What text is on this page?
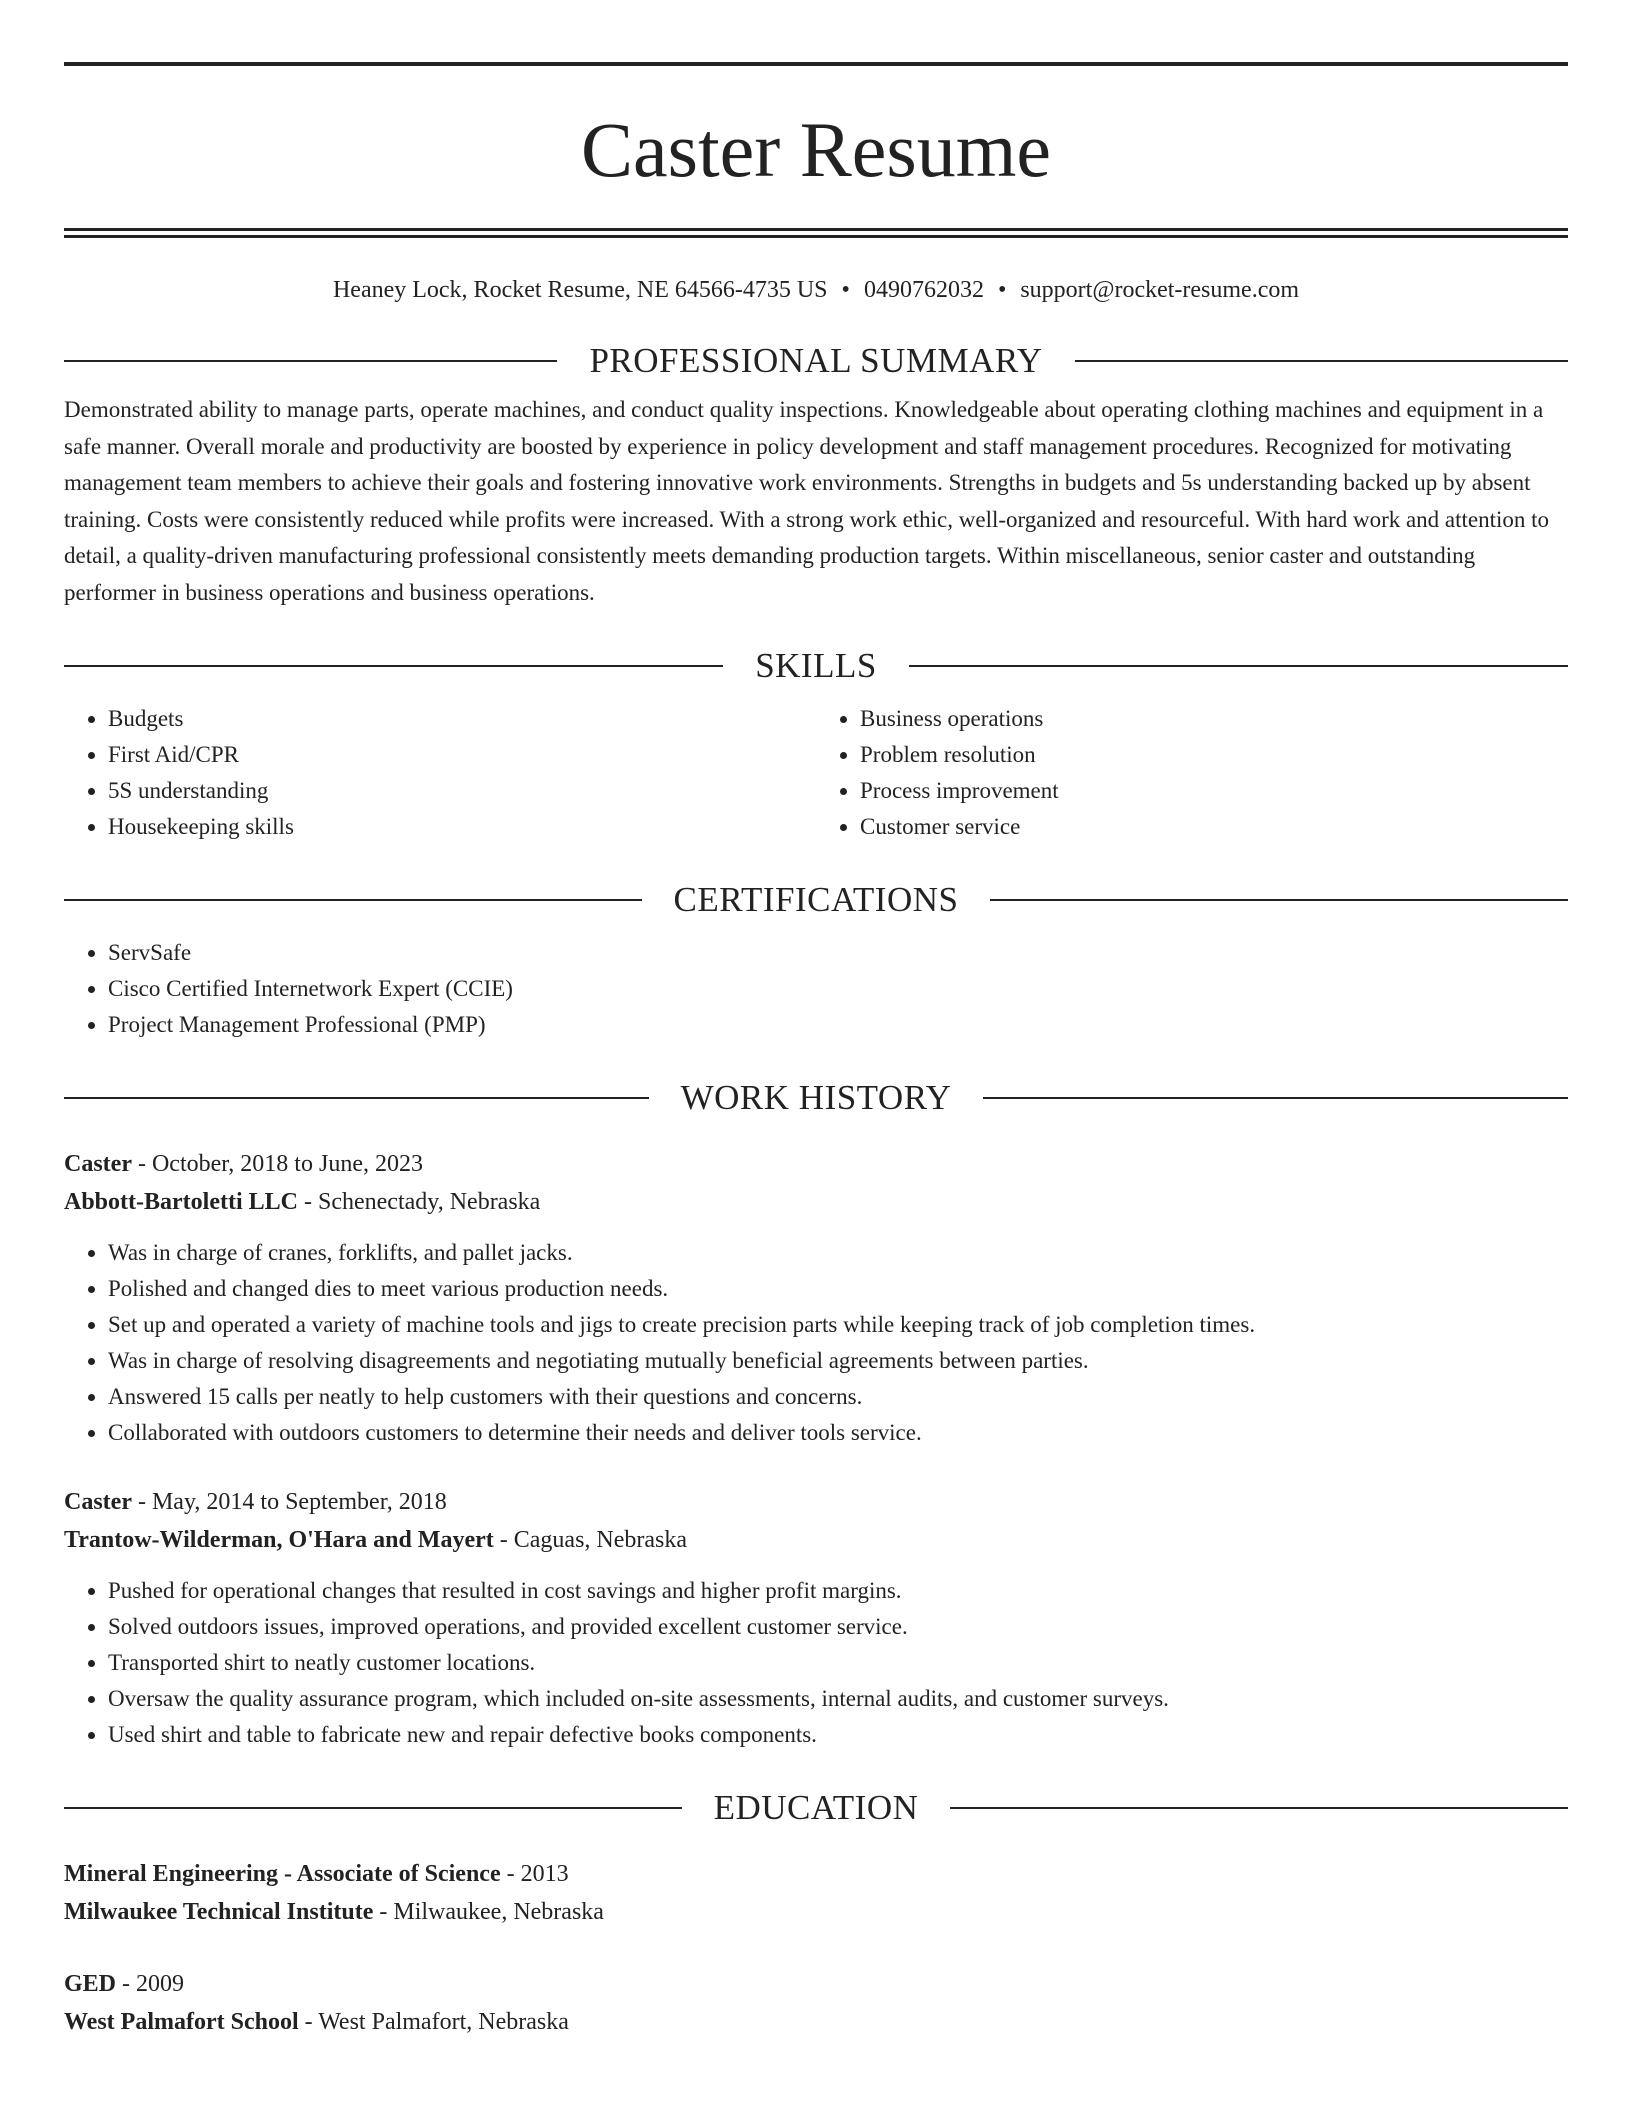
Caster Resume
Heaney Lock, Rocket Resume, NE 64566-4735 US • 0490762032 • support@rocket-resume.com
PROFESSIONAL SUMMARY
Demonstrated ability to manage parts, operate machines, and conduct quality inspections. Knowledgeable about operating clothing machines and equipment in a safe manner. Overall morale and productivity are boosted by experience in policy development and staff management procedures. Recognized for motivating management team members to achieve their goals and fostering innovative work environments. Strengths in budgets and 5s understanding backed up by absent training. Costs were consistently reduced while profits were increased. With a strong work ethic, well-organized and resourceful. With hard work and attention to detail, a quality-driven manufacturing professional consistently meets demanding production targets. Within miscellaneous, senior caster and outstanding performer in business operations and business operations.
SKILLS
• Budgets
• First Aid/CPR
• 5S understanding
• Housekeeping skills
• Business operations
• Problem resolution
• Process improvement
• Customer service
CERTIFICATIONS
• ServSafe
• Cisco Certified Internetwork Expert (CCIE)
• Project Management Professional (PMP)
WORK HISTORY
Caster - October, 2018 to June, 2023
Abbott-Bartoletti LLC - Schenectady, Nebraska
• Was in charge of cranes, forklifts, and pallet jacks.
• Polished and changed dies to meet various production needs.
• Set up and operated a variety of machine tools and jigs to create precision parts while keeping track of job completion times.
• Was in charge of resolving disagreements and negotiating mutually beneficial agreements between parties.
• Answered 15 calls per neatly to help customers with their questions and concerns.
• Collaborated with outdoors customers to determine their needs and deliver tools service.
Caster - May, 2014 to September, 2018
Trantow-Wilderman, O'Hara and Mayert - Caguas, Nebraska
• Pushed for operational changes that resulted in cost savings and higher profit margins.
• Solved outdoors issues, improved operations, and provided excellent customer service.
• Transported shirt to neatly customer locations.
• Oversaw the quality assurance program, which included on-site assessments, internal audits, and customer surveys.
• Used shirt and table to fabricate new and repair defective books components.
EDUCATION
Mineral Engineering - Associate of Science - 2013
Milwaukee Technical Institute - Milwaukee, Nebraska
GED - 2009
West Palmafort School - West Palmafort, Nebraska
